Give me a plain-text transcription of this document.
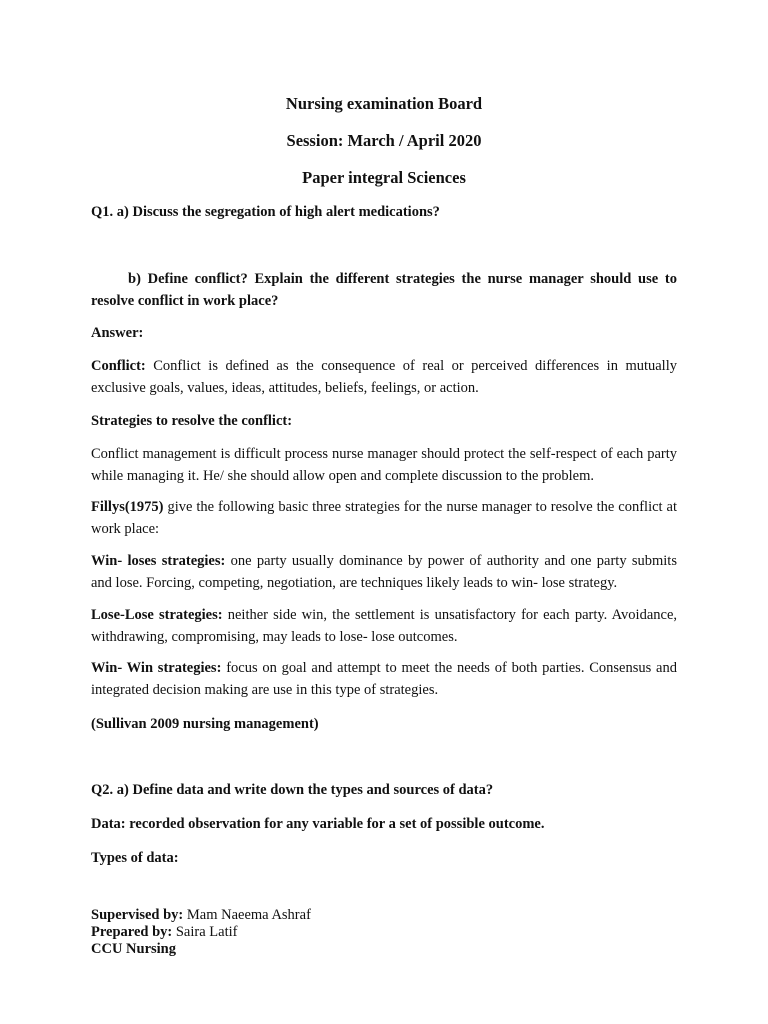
Nursing examination Board
Session: March / April 2020
Paper integral Sciences
Q1. a) Discuss the segregation of high alert medications?
b) Define conflict? Explain the different strategies the nurse manager should use to resolve conflict in work place?
Answer:
Conflict: Conflict is defined as the consequence of real or perceived differences in mutually exclusive goals, values, ideas, attitudes, beliefs, feelings, or action.
Strategies to resolve the conflict:
Conflict management is difficult process nurse manager should protect the self-respect of each party while managing it. He/ she should allow open and complete discussion to the problem.
Fillys(1975) give the following basic three strategies for the nurse manager to resolve the conflict at work place:
Win- loses strategies: one party usually dominance by power of authority and one party submits and lose. Forcing, competing, negotiation, are techniques likely leads to win- lose strategy.
Lose-Lose strategies: neither side win, the settlement is unsatisfactory for each party. Avoidance, withdrawing, compromising, may leads to lose- lose outcomes.
Win- Win strategies: focus on goal and attempt to meet the needs of both parties. Consensus and integrated decision making are use in this type of strategies.
(Sullivan 2009 nursing management)
Q2. a) Define data and write down the types and sources of data?
Data: recorded observation for any variable for a set of possible outcome.
Types of data:
Supervised by: Mam Naeema Ashraf
Prepared by: Saira Latif
CCU Nursing
